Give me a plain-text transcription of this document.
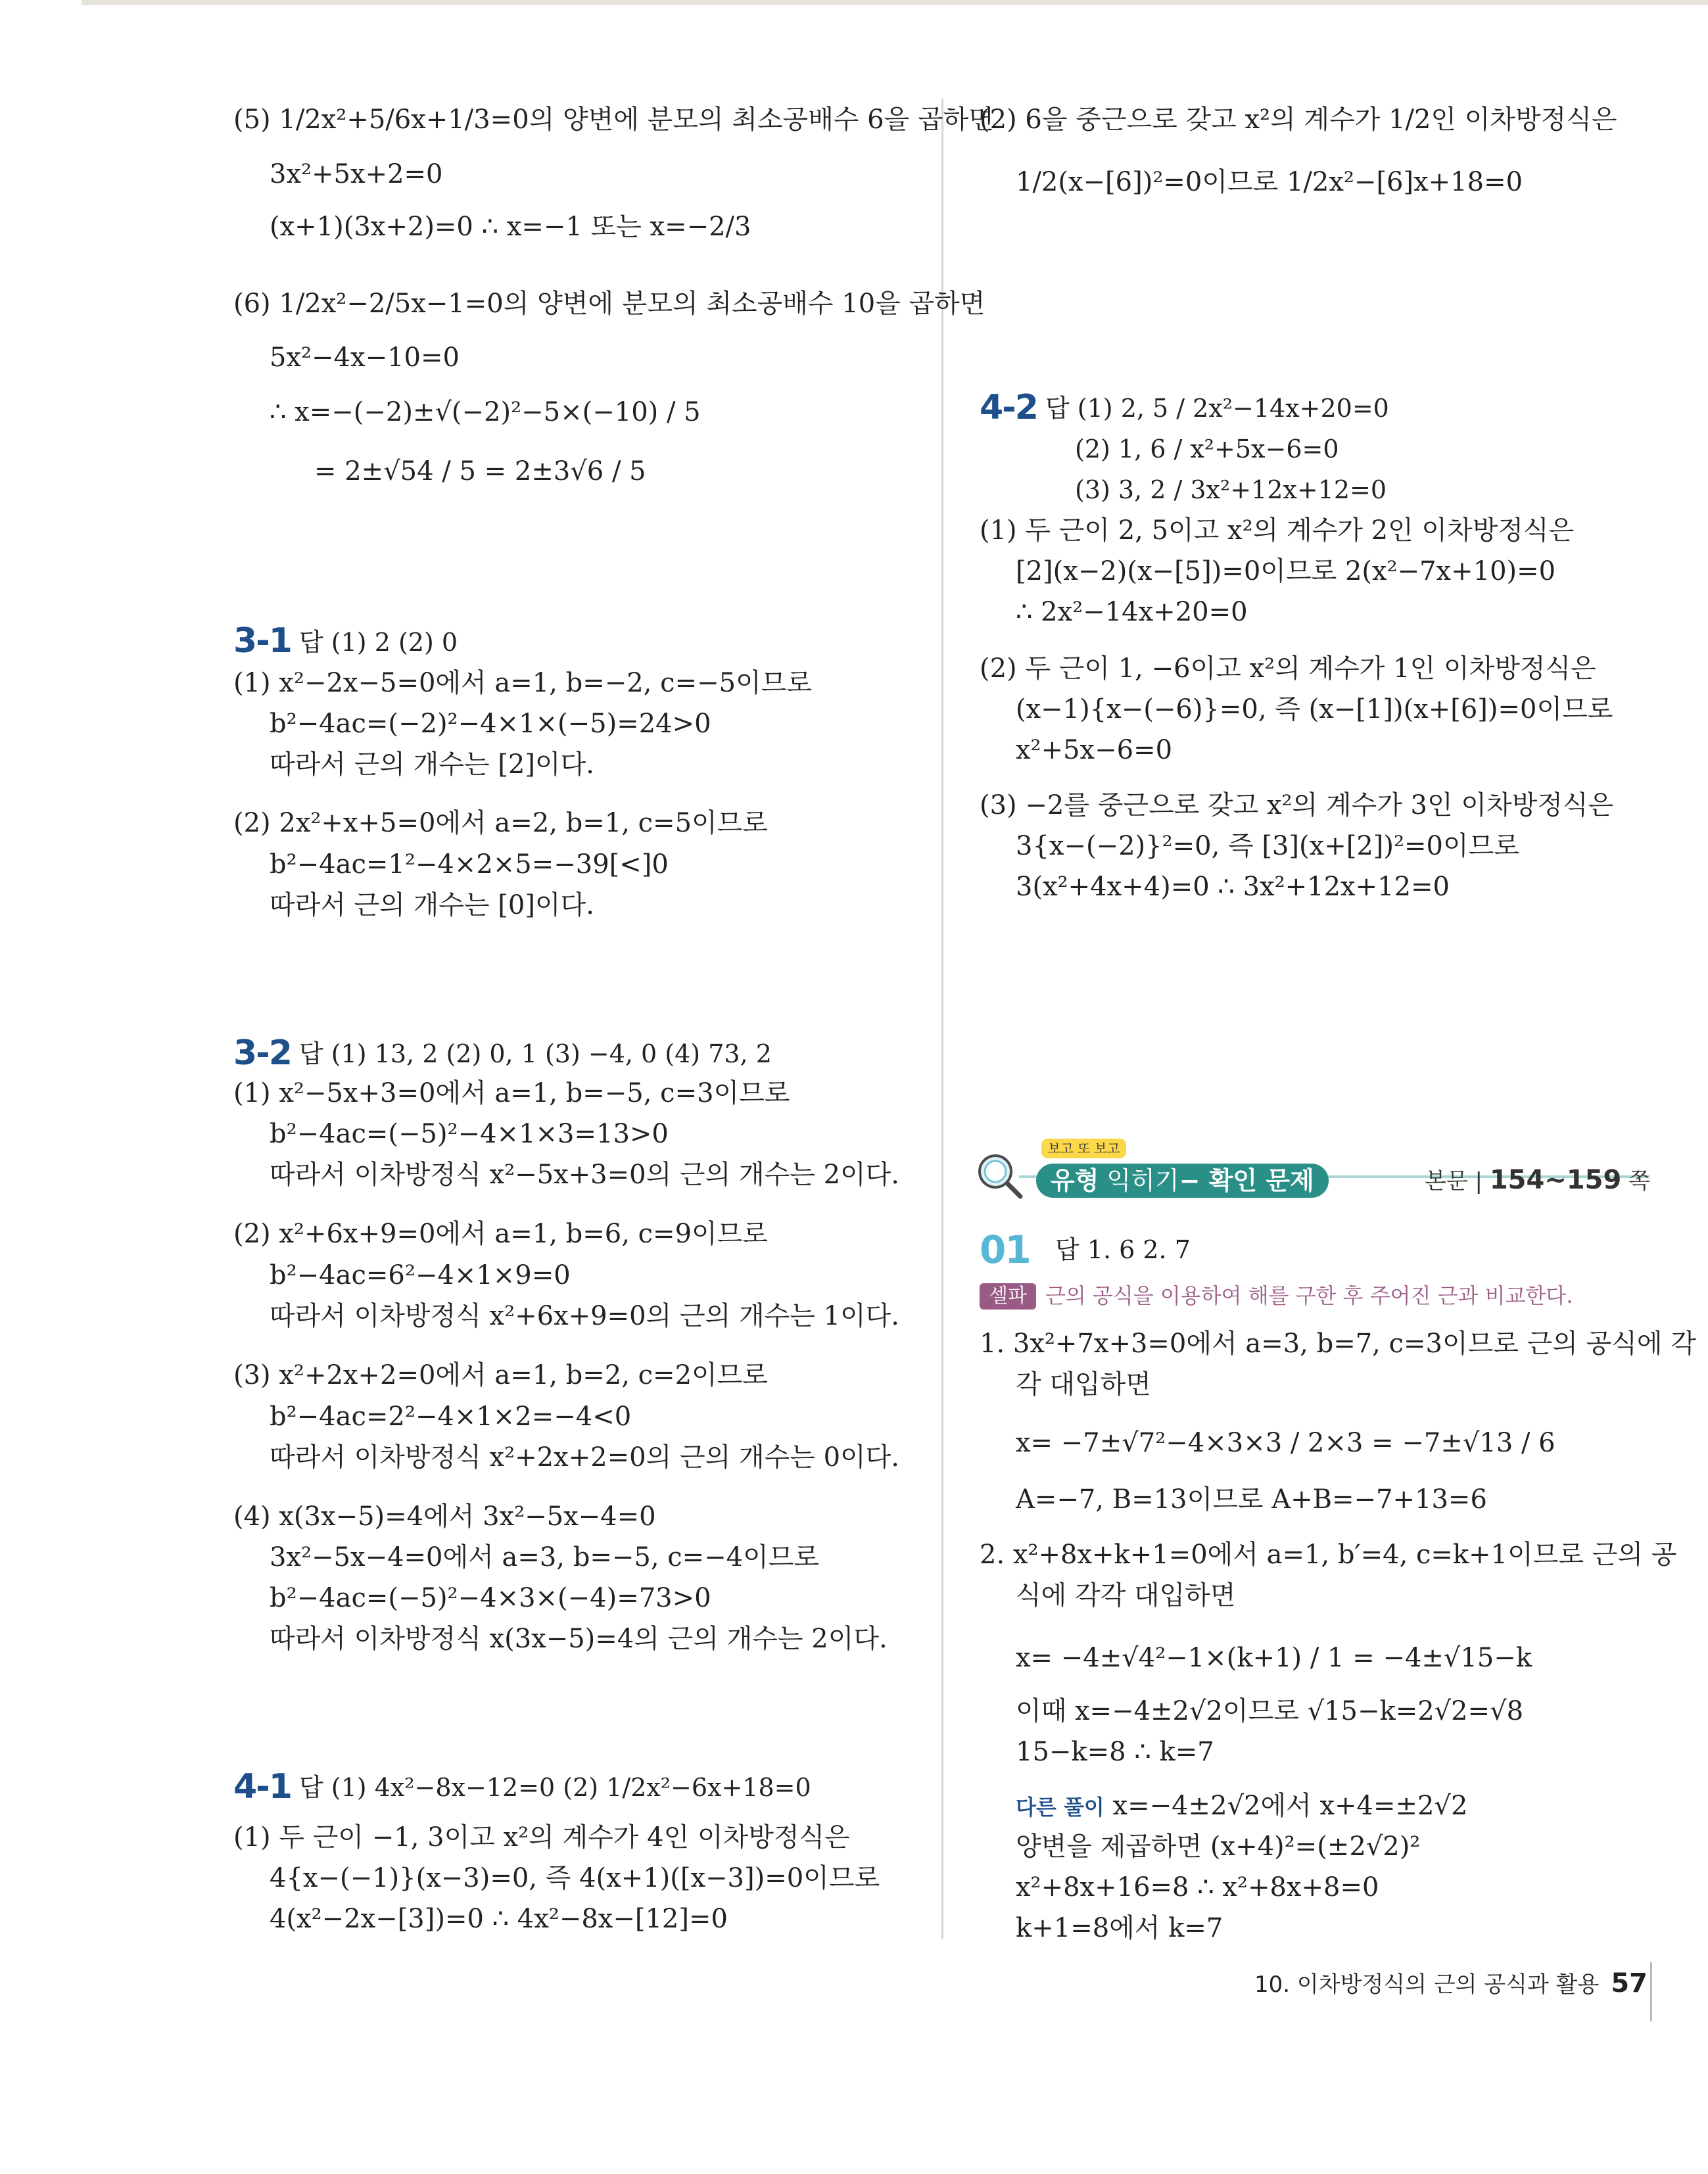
(5) 1/2x²+5/6x+1/3=0의 양변에 분모의 최소공배수 6을 곱하면
3x²+5x+2=0
(x+1)(3x+2)=0 ∴ x=−1 또는 x=−2/3
(6) 1/2x²−2/5x−1=0의 양변에 분모의 최소공배수 10을 곱하면
5x²−4x−10=0
∴ x=−(−2)±√(−2)²−5×(−10) / 5
= 2±√54 / 5 = 2±3√6 / 5
3-1 답 (1) 2 (2) 0
(1) x²−2x−5=0에서 a=1, b=−2, c=−5이므로
b²−4ac=(−2)²−4×1×(−5)=24>0
따라서 근의 개수는 [2]이다.
(2) 2x²+x+5=0에서 a=2, b=1, c=5이므로
b²−4ac=1²−4×2×5=−39[<]0
따라서 근의 개수는 [0]이다.
3-2 답 (1) 13, 2 (2) 0, 1 (3) −4, 0 (4) 73, 2
(1) x²−5x+3=0에서 a=1, b=−5, c=3이므로
b²−4ac=(−5)²−4×1×3=13>0
따라서 이차방정식 x²−5x+3=0의 근의 개수는 2이다.
(2) x²+6x+9=0에서 a=1, b=6, c=9이므로
b²−4ac=6²−4×1×9=0
따라서 이차방정식 x²+6x+9=0의 근의 개수는 1이다.
(3) x²+2x+2=0에서 a=1, b=2, c=2이므로
b²−4ac=2²−4×1×2=−4<0
따라서 이차방정식 x²+2x+2=0의 근의 개수는 0이다.
(4) x(3x−5)=4에서 3x²−5x−4=0
3x²−5x−4=0에서 a=3, b=−5, c=−4이므로
b²−4ac=(−5)²−4×3×(−4)=73>0
따라서 이차방정식 x(3x−5)=4의 근의 개수는 2이다.
4-1 답 (1) 4x²−8x−12=0 (2) 1/2x²−6x+18=0
(1) 두 근이 −1, 3이고 x²의 계수가 4인 이차방정식은
4{x−(−1)}(x−3)=0, 즉 4(x+1)([x−3])=0이므로
4(x²−2x−[3])=0 ∴ 4x²−8x−[12]=0
(2) 6을 중근으로 갖고 x²의 계수가 1/2인 이차방정식은
1/2(x−[6])²=0이므로 1/2x²−[6]x+18=0
4-2 답 (1) 2, 5 / 2x²−14x+20=0
(2) 1, 6 / x²+5x−6=0
(3) 3, 2 / 3x²+12x+12=0
(1) 두 근이 2, 5이고 x²의 계수가 2인 이차방정식은
[2](x−2)(x−[5])=0이므로 2(x²−7x+10)=0
∴ 2x²−14x+20=0
(2) 두 근이 1, −6이고 x²의 계수가 1인 이차방정식은
(x−1){x−(−6)}=0, 즉 (x−[1])(x+[6])=0이므로
x²+5x−6=0
(3) −2를 중근으로 갖고 x²의 계수가 3인 이차방정식은
3{x−(−2)}²=0, 즉 [3](x+[2])²=0이므로
3(x²+4x+4)=0 ∴ 3x²+12x+12=0
보고 또 보고
유형 익히기− 확인 문제	본문 | 154~159 쪽
01 답 1. 6 2. 7
셀파 근의 공식을 이용하여 해를 구한 후 주어진 근과 비교한다.
1. 3x²+7x+3=0에서 a=3, b=7, c=3이므로 근의 공식에 각
각 대입하면
x= −7±√7²−4×3×3 / 2×3 = −7±√13 / 6
A=−7, B=13이므로 A+B=−7+13=6
2. x²+8x+k+1=0에서 a=1, b′=4, c=k+1이므로 근의 공
식에 각각 대입하면
x= −4±√4²−1×(k+1) / 1 = −4±√15−k
이때 x=−4±2√2이므로 √15−k=2√2=√8
15−k=8 ∴ k=7
다른 풀이 x=−4±2√2에서 x+4=±2√2
양변을 제곱하면 (x+4)²=(±2√2)²
x²+8x+16=8 ∴ x²+8x+8=0
k+1=8에서 k=7
10. 이차방정식의 근의 공식과 활용 57
